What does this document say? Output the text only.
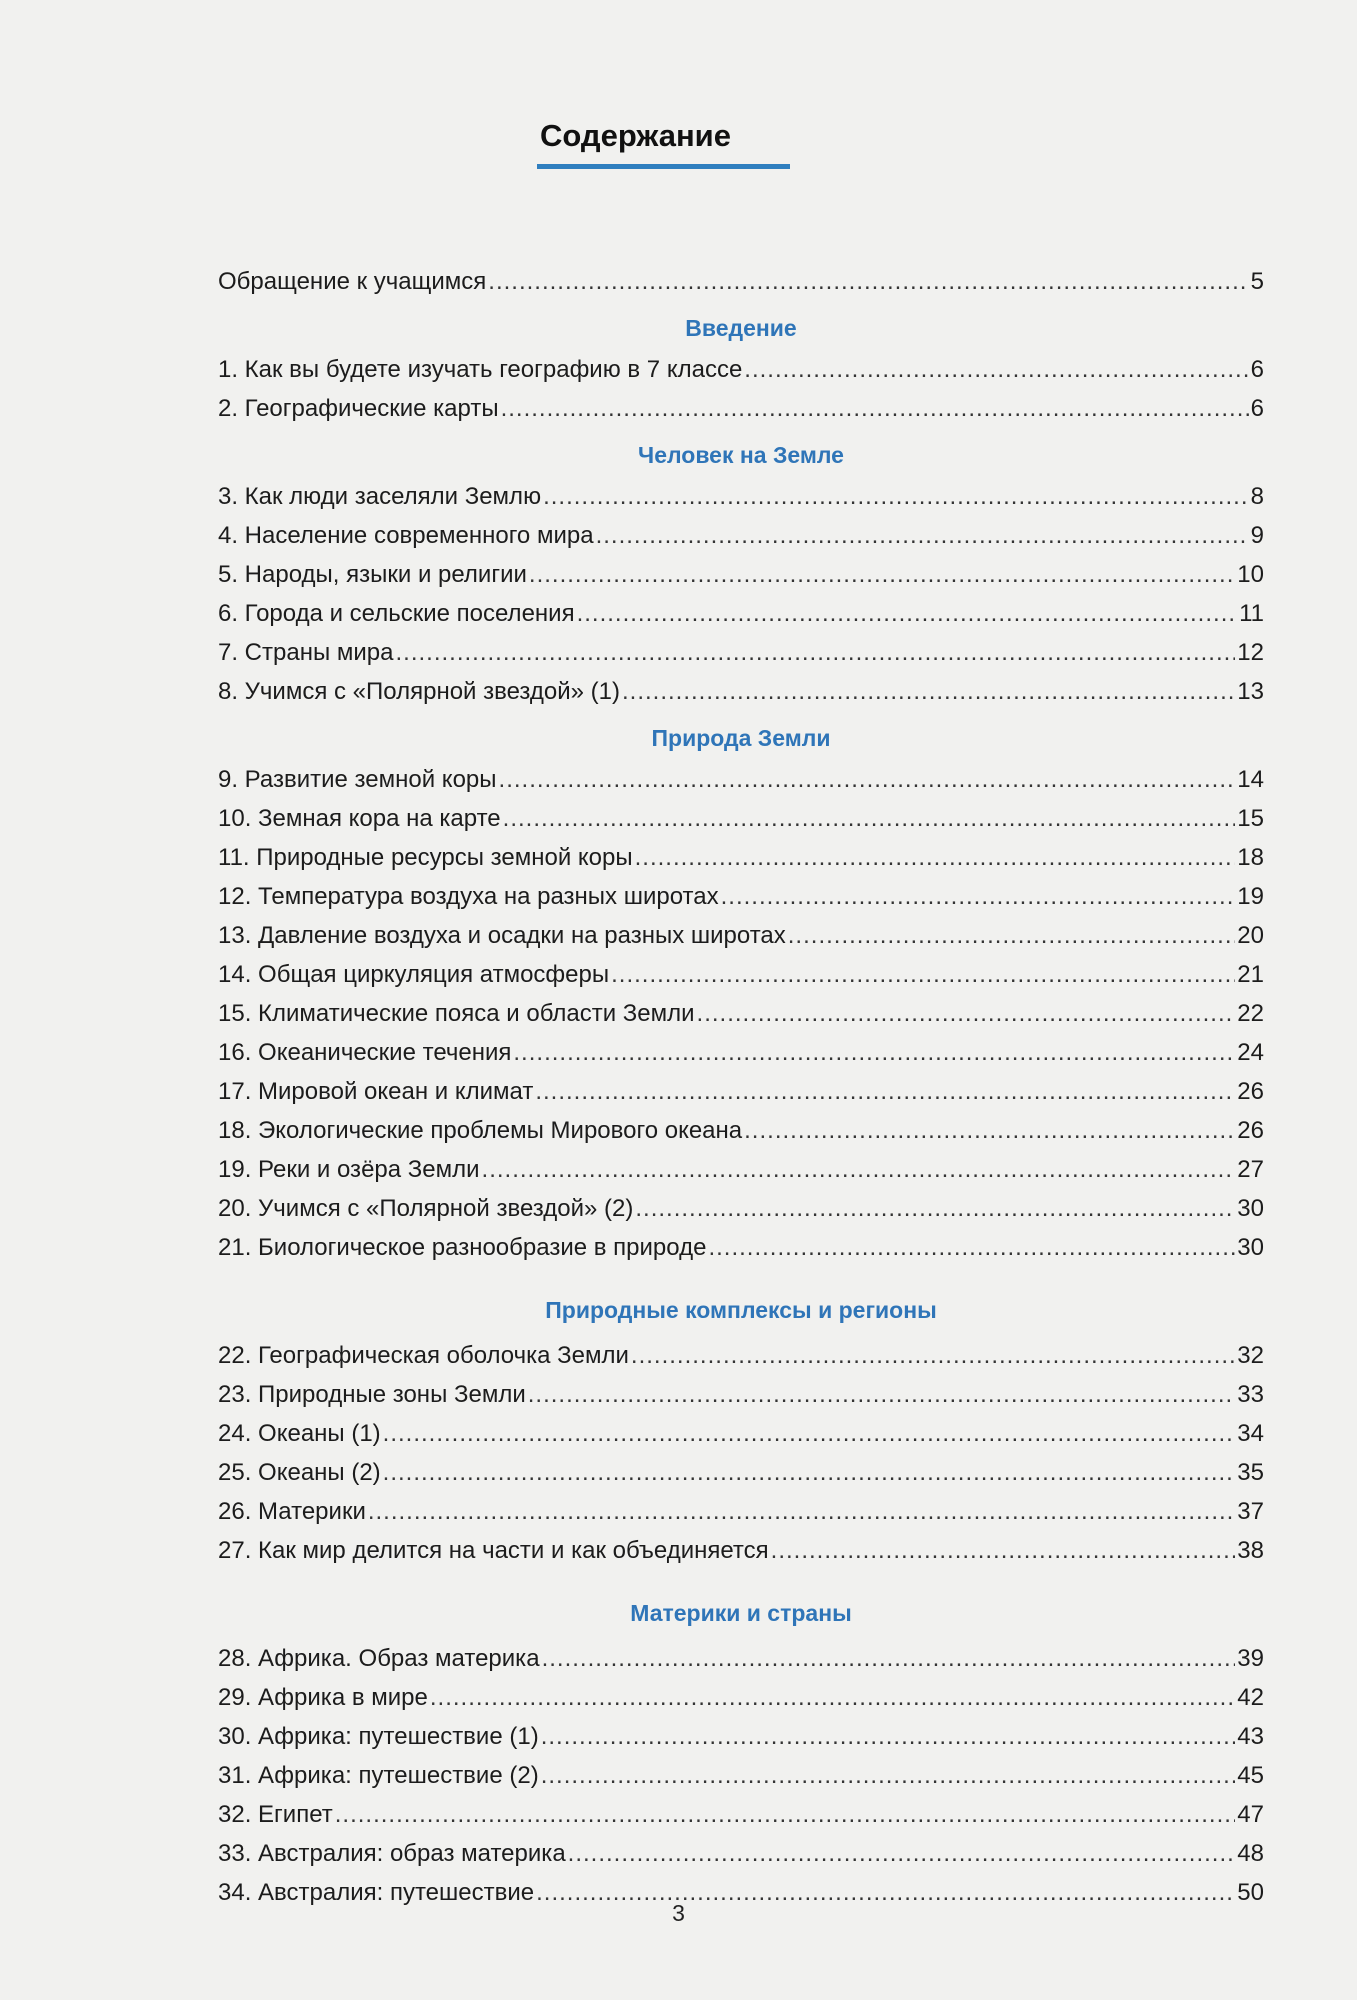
Содержание
Обращение к учащимся .....	5
Введение
1. Как вы будете изучать географию в 7 классе .....	6
2. Географические карты .....	6
Человек на Земле
3. Как люди заселяли Землю .....	8
4. Население современного мира .....	9
5. Народы, языки и религии .....	10
6. Города и сельские поселения .....	11
7. Страны мира .....	12
8. Учимся с «Полярной звездой» (1) .....	13
Природа Земли
9. Развитие земной коры .....	14
10. Земная кора на карте .....	15
11. Природные ресурсы земной коры .....	18
12. Температура воздуха на разных широтах .....	19
13. Давление воздуха и осадки на разных широтах .....	20
14. Общая циркуляция атмосферы .....	21
15. Климатические пояса и области Земли .....	22
16. Океанические течения .....	24
17. Мировой океан и климат .....	26
18. Экологические проблемы Мирового океана .....	26
19. Реки и озёра Земли .....	27
20. Учимся с «Полярной звездой» (2) .....	30
21. Биологическое разнообразие в природе .....	30
Природные комплексы и регионы
22. Географическая оболочка Земли .....	32
23. Природные зоны Земли .....	33
24. Океаны (1) .....	34
25. Океаны (2) .....	35
26. Материки .....	37
27. Как мир делится на части и как объединяется .....	38
Материки и страны
28. Африка. Образ материка .....	39
29. Африка в мире .....	42
30. Африка: путешествие (1) .....	43
31. Африка: путешествие (2) .....	45
32. Египет .....	47
33. Австралия: образ материка .....	48
34. Австралия: путешествие .....	50
3
